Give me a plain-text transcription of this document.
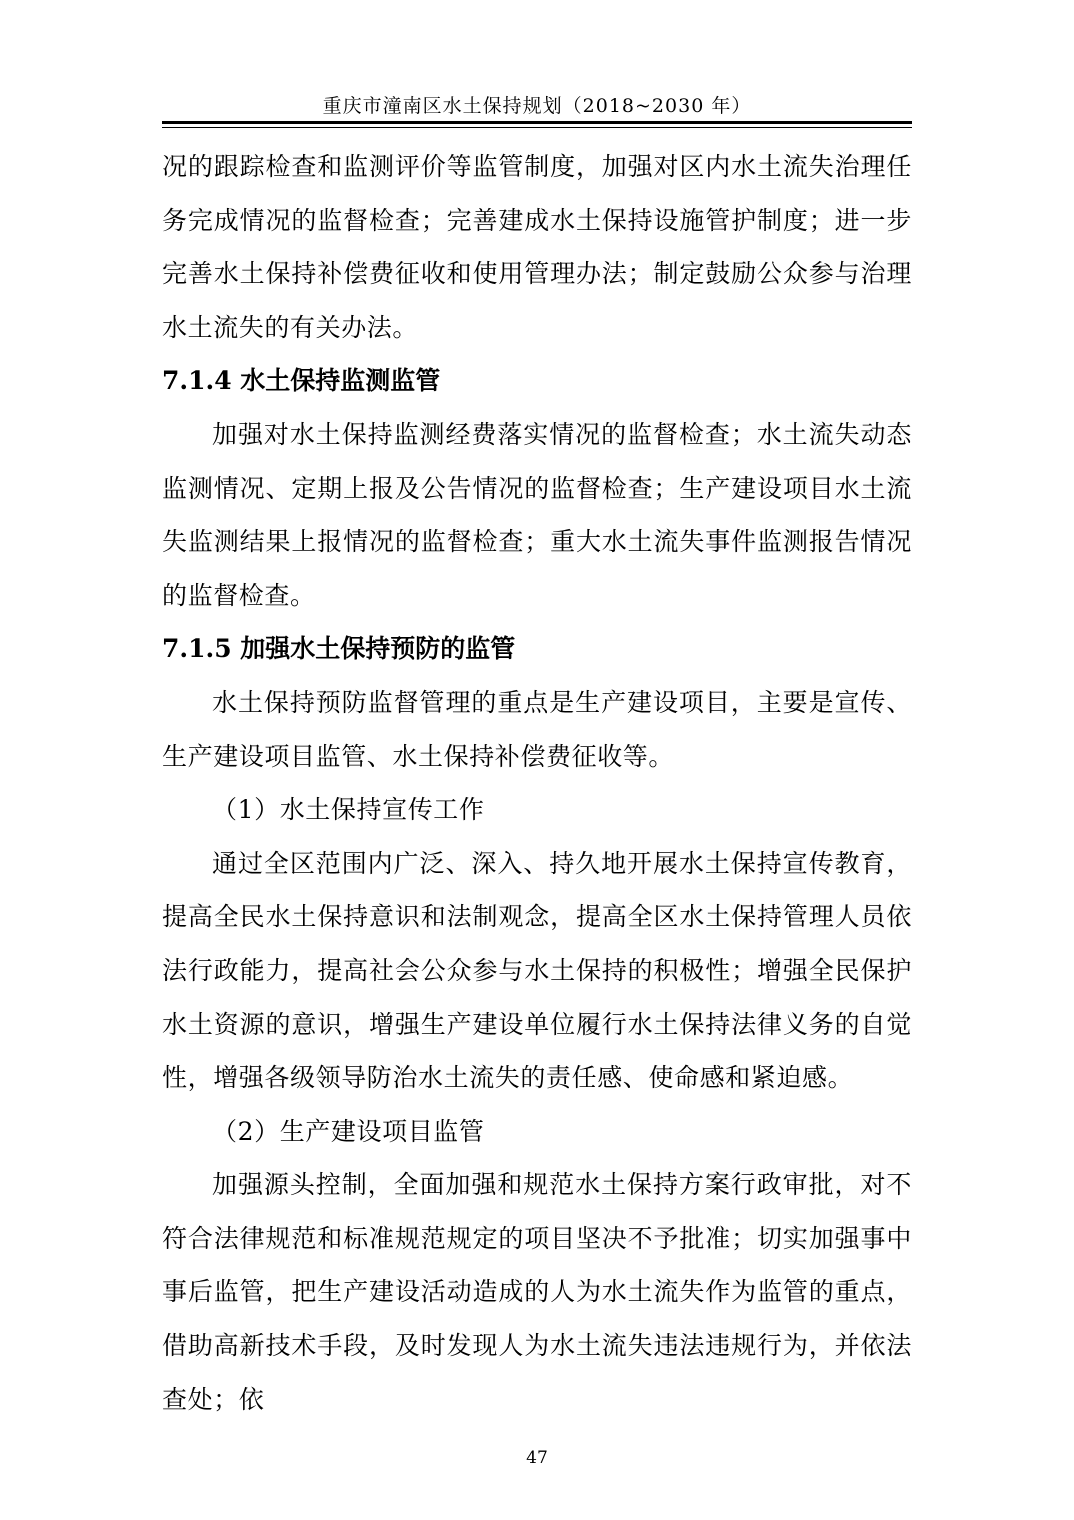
重庆市潼南区水土保持规划（2018~2030 年）

况的跟踪检查和监测评价等监管制度，加强对区内水土流失治理任务完成情况的监督检查；完善建成水土保持设施管护制度；进一步完善水土保持补偿费征收和使用管理办法；制定鼓励公众参与治理水土流失的有关办法。

7.1.4 水土保持监测监管

加强对水土保持监测经费落实情况的监督检查；水土流失动态监测情况、定期上报及公告情况的监督检查；生产建设项目水土流失监测结果上报情况的监督检查；重大水土流失事件监测报告情况的监督检查。

7.1.5 加强水土保持预防的监管

水土保持预防监督管理的重点是生产建设项目，主要是宣传、生产建设项目监管、水土保持补偿费征收等。

（1）水土保持宣传工作

通过全区范围内广泛、深入、持久地开展水土保持宣传教育，提高全民水土保持意识和法制观念，提高全区水土保持管理人员依法行政能力，提高社会公众参与水土保持的积极性；增强全民保护水土资源的意识，增强生产建设单位履行水土保持法律义务的自觉性，增强各级领导防治水土流失的责任感、使命感和紧迫感。

（2）生产建设项目监管

加强源头控制，全面加强和规范水土保持方案行政审批，对不符合法律规范和标准规范规定的项目坚决不予批准；切实加强事中事后监管，把生产建设活动造成的人为水土流失作为监管的重点，借助高新技术手段，及时发现人为水土流失违法违规行为，并依法查处；依

47
